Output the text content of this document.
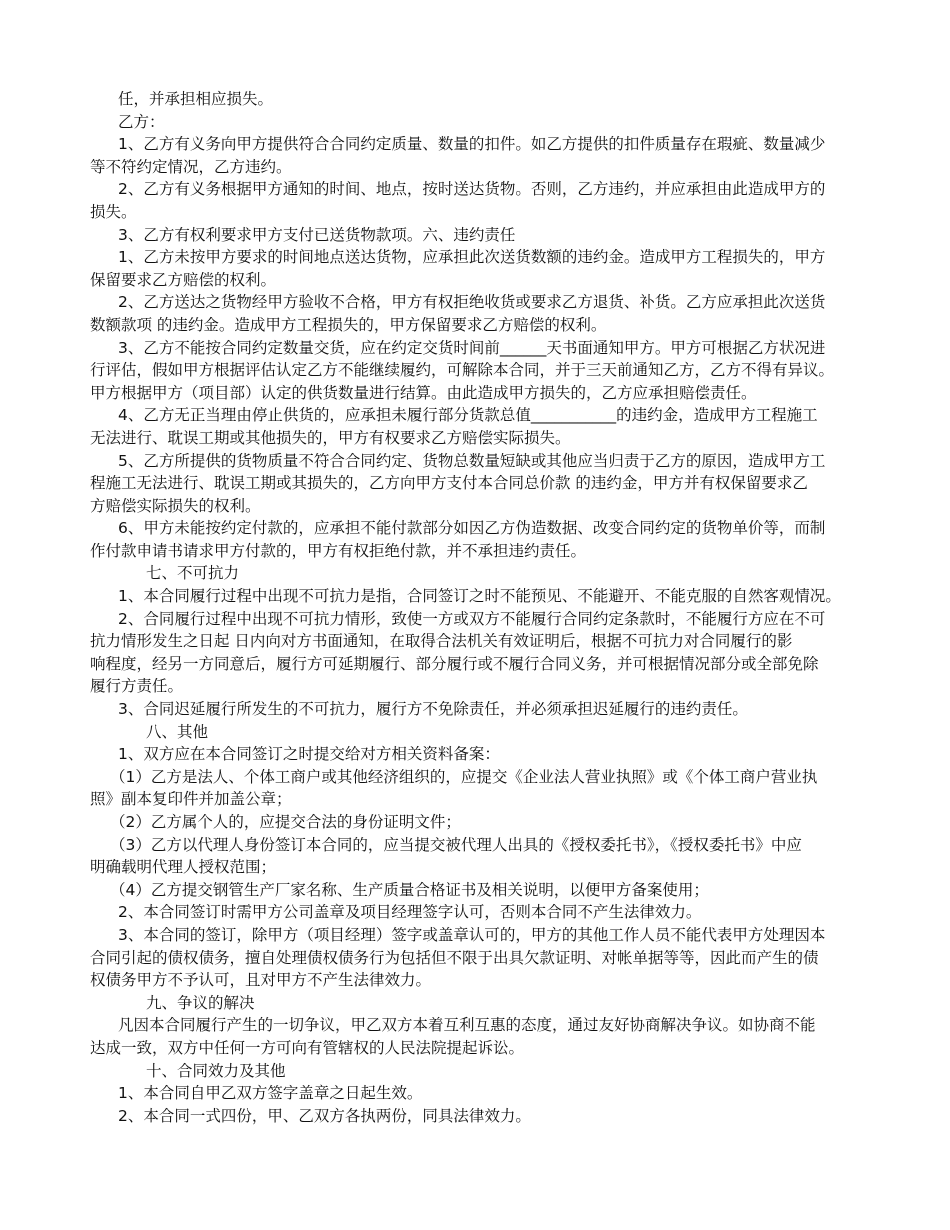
任，并承担相应损失。

乙方：

1、乙方有义务向甲方提供符合合同约定质量、数量的扣件。如乙方提供的扣件质量存在瑕疵、数量减少

等不符约定情况，乙方违约。

2、乙方有义务根据甲方通知的时间、地点，按时送达货物。否则，乙方违约，并应承担由此造成甲方的

损失。

3、乙方有权利要求甲方支付已送货物款项。六、违约责任

1、乙方未按甲方要求的时间地点送达货物，应承担此次送货数额的违约金。造成甲方工程损失的，甲方

保留要求乙方赔偿的权利。

2、乙方送达之货物经甲方验收不合格，甲方有权拒绝收货或要求乙方退货、补货。乙方应承担此次送货

数额款项 的违约金。造成甲方工程损失的，甲方保留要求乙方赔偿的权利。

3、乙方不能按合同约定数量交货，应在约定交货时间前______天书面通知甲方。甲方可根据乙方状况进

行评估，假如甲方根据评估认定乙方不能继续履约，可解除本合同，并于三天前通知乙方，乙方不得有异议。

甲方根据甲方（项目部）认定的供货数量进行结算。由此造成甲方损失的，乙方应承担赔偿责任。

4、乙方无正当理由停止供货的，应承担未履行部分货款总值___________的违约金，造成甲方工程施工

无法进行、耽误工期或其他损失的，甲方有权要求乙方赔偿实际损失。

5、乙方所提供的货物质量不符合合同约定、货物总数量短缺或其他应当归责于乙方的原因，造成甲方工

程施工无法进行、耽误工期或其损失的，乙方向甲方支付本合同总价款 的违约金，甲方并有权保留要求乙

方赔偿实际损失的权利。

6、甲方未能按约定付款的，应承担不能付款部分如因乙方伪造数据、改变合同约定的货物单价等，而制

作付款申请书请求甲方付款的，甲方有权拒绝付款，并不承担违约责任。

七、不可抗力

1、本合同履行过程中出现不可抗力是指，合同签订之时不能预见、不能避开、不能克服的自然客观情况。

2、合同履行过程中出现不可抗力情形，致使一方或双方不能履行合同约定条款时，不能履行方应在不可

抗力情形发生之日起 日内向对方书面通知，在取得合法机关有效证明后，根据不可抗力对合同履行的影

响程度，经另一方同意后，履行方可延期履行、部分履行或不履行合同义务，并可根据情况部分或全部免除

履行方责任。

3、合同迟延履行所发生的不可抗力，履行方不免除责任，并必须承担迟延履行的违约责任。

八、其他

1、双方应在本合同签订之时提交给对方相关资料备案：

（1）乙方是法人、个体工商户或其他经济组织的，应提交《企业法人营业执照》或《个体工商户营业执

照》副本复印件并加盖公章；

（2）乙方属个人的，应提交合法的身份证明文件；

（3）乙方以代理人身份签订本合同的，应当提交被代理人出具的《授权委托书》，《授权委托书》中应

明确载明代理人授权范围；

（4）乙方提交钢管生产厂家名称、生产质量合格证书及相关说明，以便甲方备案使用；

2、本合同签订时需甲方公司盖章及项目经理签字认可，否则本合同不产生法律效力。

3、本合同的签订，除甲方（项目经理）签字或盖章认可的，甲方的其他工作人员不能代表甲方处理因本

合同引起的债权债务，擅自处理债权债务行为包括但不限于出具欠款证明、对帐单据等等，因此而产生的债

权债务甲方不予认可，且对甲方不产生法律效力。

九、争议的解决

凡因本合同履行产生的一切争议，甲乙双方本着互利互惠的态度，通过友好协商解决争议。如协商不能

达成一致，双方中任何一方可向有管辖权的人民法院提起诉讼。

十、合同效力及其他

1、本合同自甲乙双方签字盖章之日起生效。

2、本合同一式四份，甲、乙双方各执两份，同具法律效力。
